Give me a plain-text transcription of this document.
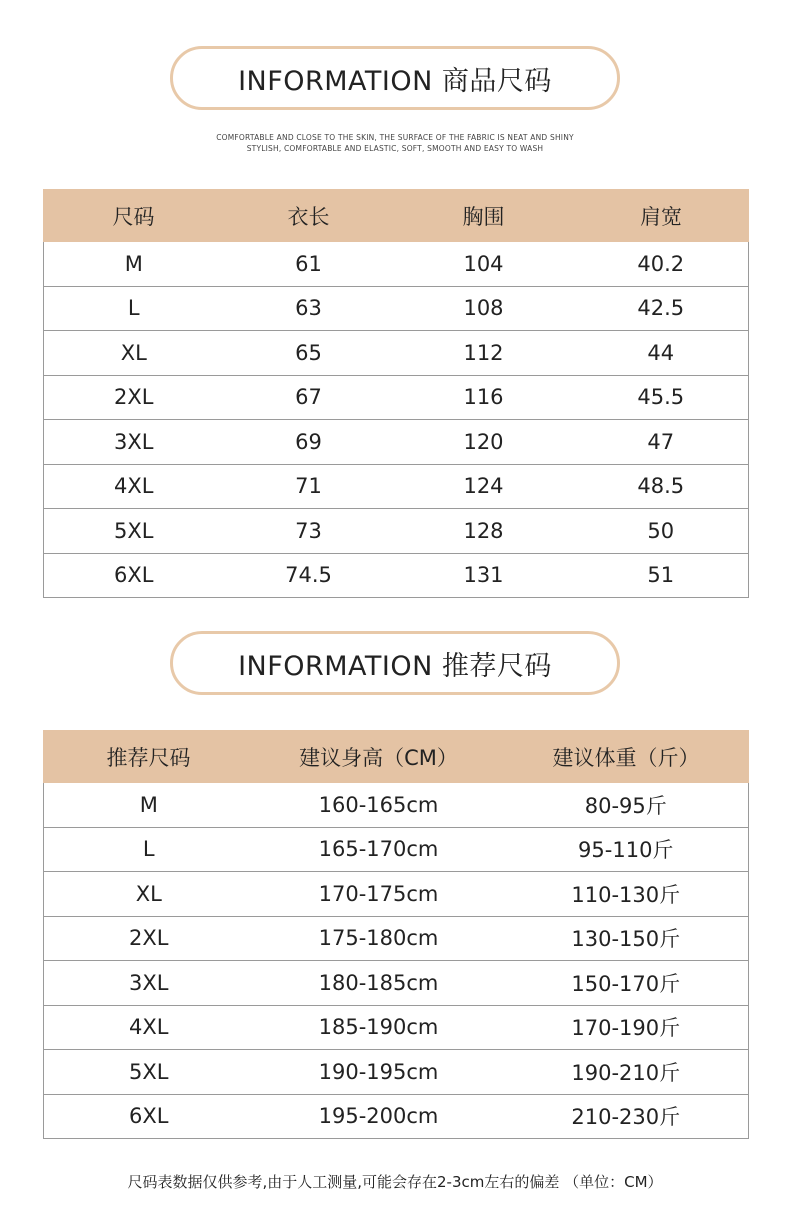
INFORMATION 商品尺码
COMFORTABLE AND CLOSE TO THE SKIN, THE SURFACE OF THE FABRIC IS NEAT AND SHINY
STYLISH, COMFORTABLE AND ELASTIC, SOFT, SMOOTH AND EASY TO WASH
尺码	衣长	胸围	肩宽
M	61	104	40.2
L	63	108	42.5
XL	65	112	44
2XL	67	116	45.5
3XL	69	120	47
4XL	71	124	48.5
5XL	73	128	50
6XL	74.5	131	51
INFORMATION 推荐尺码
推荐尺码	建议身高（CM）	建议体重（斤）
M	160-165cm	80-95斤
L	165-170cm	95-110斤
XL	170-175cm	110-130斤
2XL	175-180cm	130-150斤
3XL	180-185cm	150-170斤
4XL	185-190cm	170-190斤
5XL	190-195cm	190-210斤
6XL	195-200cm	210-230斤
尺码表数据仅供参考,由于人工测量,可能会存在2-3cm左右的偏差 （单位：CM）
